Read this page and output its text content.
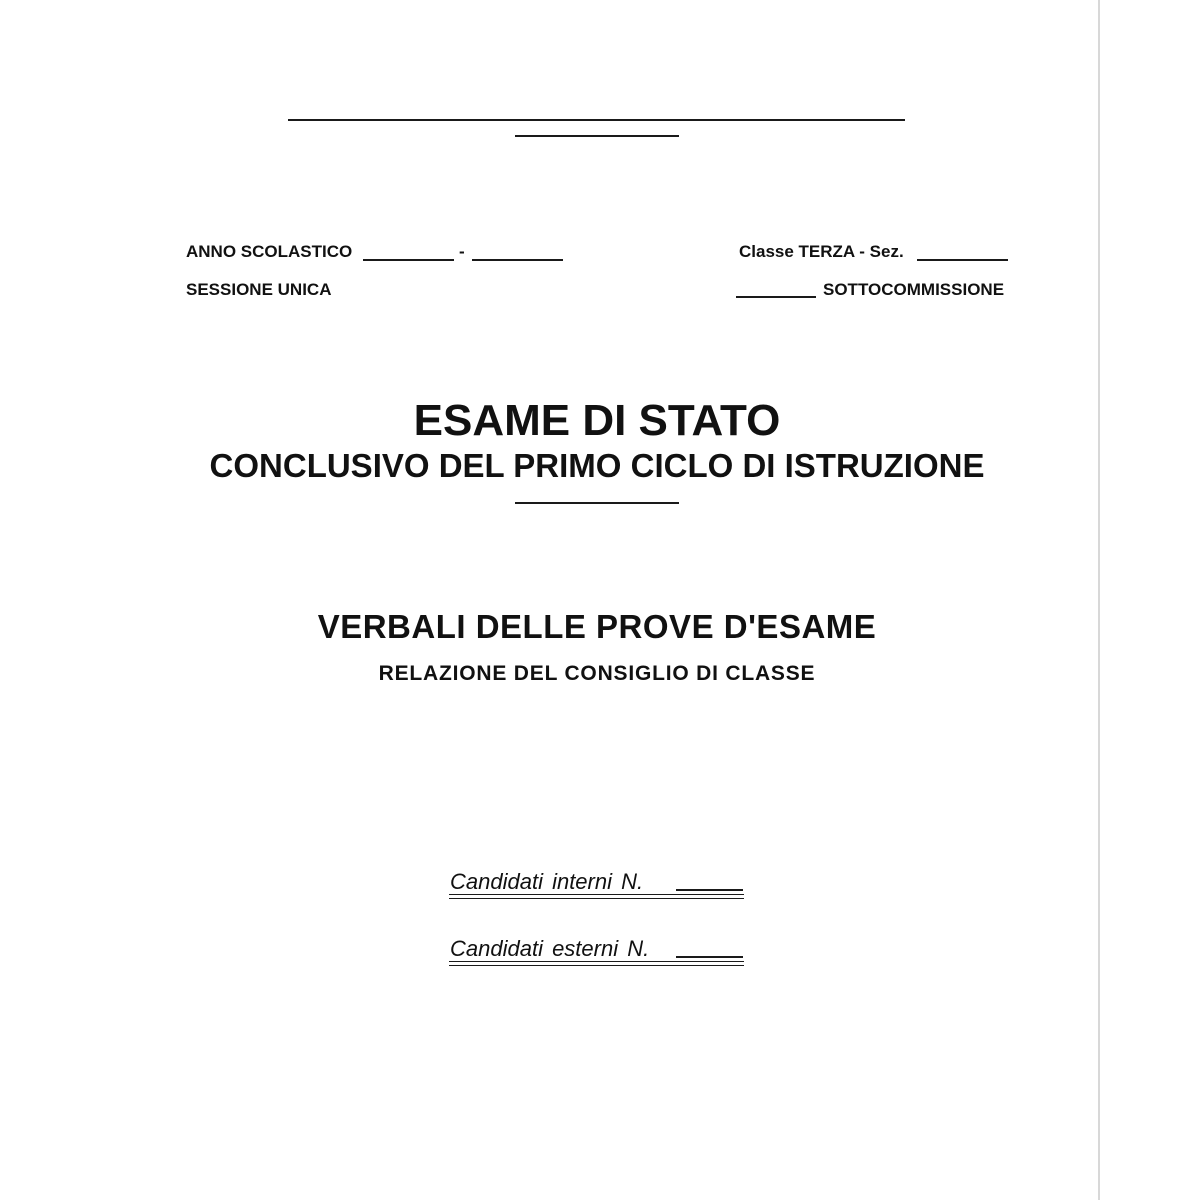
ANNO SCOLASTICO	-	Classe TERZA - Sez.
SESSIONE UNICA	SOTTOCOMMISSIONE
ESAME DI STATO
CONCLUSIVO DEL PRIMO CICLO DI ISTRUZIONE
VERBALI DELLE PROVE D'ESAME
RELAZIONE DEL CONSIGLIO DI CLASSE
Candidati interni N.
Candidati esterni N.
